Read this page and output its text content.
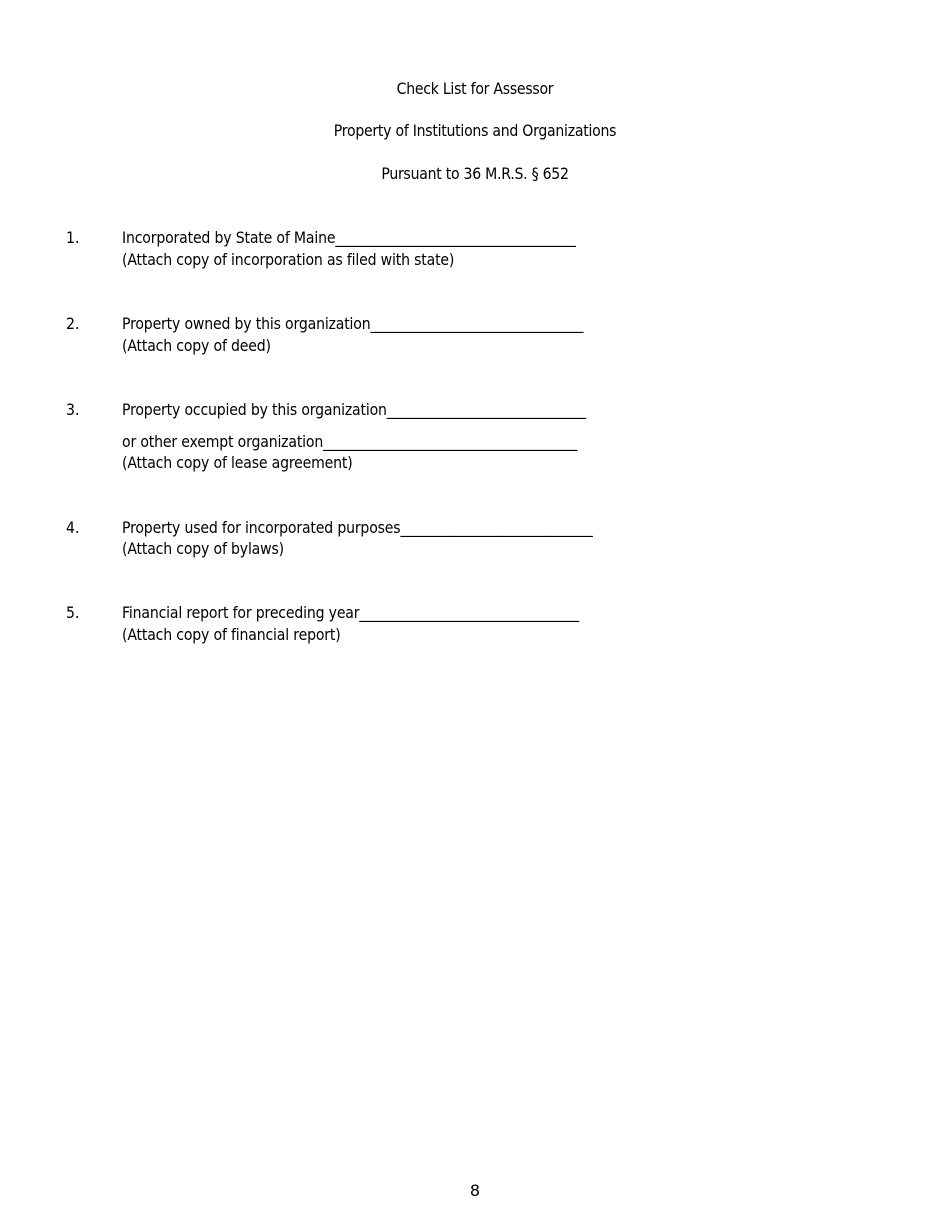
Check List for Assessor
Property of Institutions and Organizations
Pursuant to 36 M.R.S. § 652
1.	Incorporated by State of Maine___________________________________
(Attach copy of incorporation as filed with state)
2.	Property owned by this organization_______________________________
(Attach copy of deed)
3.	Property occupied by this organization_____________________________
or other exempt organization_____________________________________
(Attach copy of lease agreement)
4.	Property used for incorporated purposes____________________________
(Attach copy of bylaws)
5.	Financial report for preceding year________________________________
(Attach copy of financial report)
8
